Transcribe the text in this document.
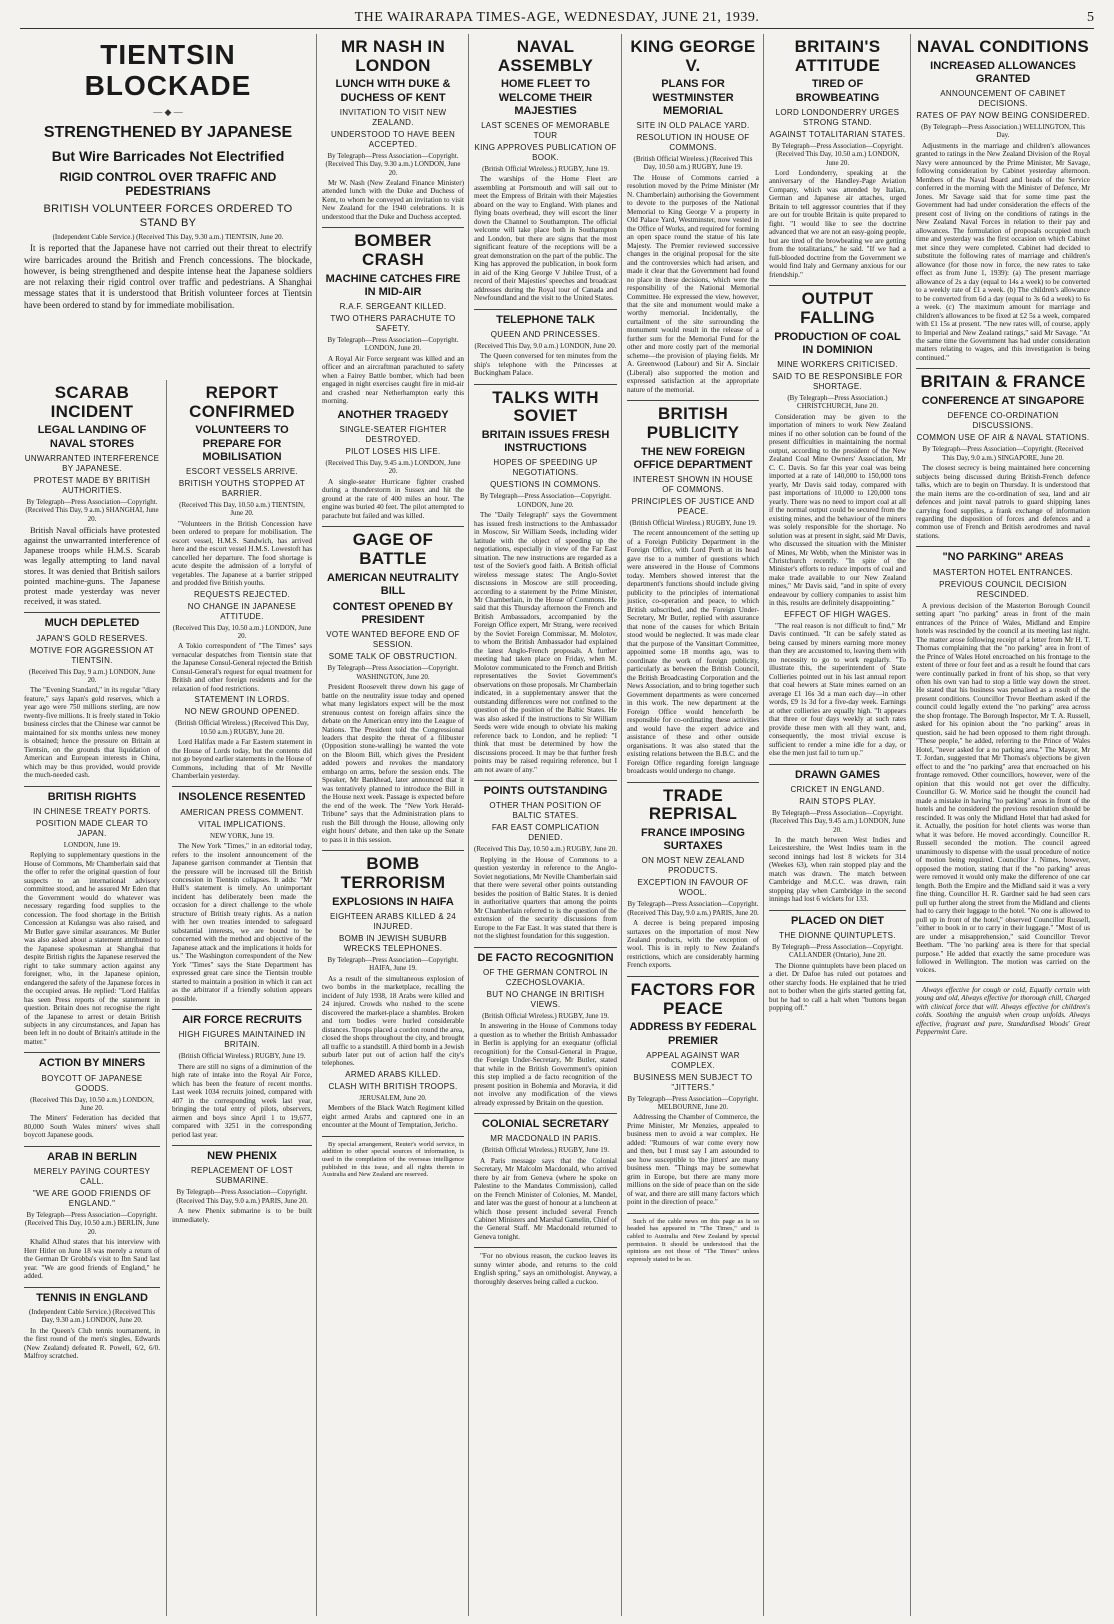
THE WAIRARAPA TIMES-AGE, WEDNESDAY, JUNE 21, 1939.	5
TIENTSIN BLOCKADE
— ◆ —
STRENGTHENED BY JAPANESE
But Wire Barricades Not Electrified
RIGID CONTROL OVER TRAFFIC AND PEDESTRIANS
BRITISH VOLUNTEER FORCES ORDERED TO STAND BY
(Independent Cable Service.) (Received This Day, 9.30 a.m.) TIENTSIN, June 20.

It is reported that the Japanese have not carried out their threat to electrify wire barricades around the British and French concessions. The blockade, however, is being strengthened and despite intense heat the Japanese soldiers are not relaxing their rigid control over traffic and pedestrians. A Shanghai message states that it is understood that British volunteer forces at Tientsin have been ordered to stand by for immediate mobilisation.

SCARAB INCIDENT
LEGAL LANDING OF NAVAL STORES
UNWARRANTED INTERFERENCE BY JAPANESE.
PROTEST MADE BY BRITISH AUTHORITIES.
By Telegraph—Press Association—Copyright. (Received This Day, 9 a.m.) SHANGHAI, June 20.

British Naval officials have protested against the unwarranted interference of Japanese troops while H.M.S. Scarab was legally attempting to land naval stores. It was denied that British sailors pointed machine-guns. The Japanese protest made yesterday was never received, it was stated.

MUCH DEPLETED
JAPAN'S GOLD RESERVES.
MOTIVE FOR AGGRESSION AT TIENTSIN.
(Received This Day, 9 a.m.) LONDON, June 20.

The "Evening Standard," in its regular "diary feature," says Japan's gold reserves, which a year ago were 750 millions sterling, are now twenty-five millions. It is freely stated in Tokio business circles that the Chinese war cannot be maintained for six months unless new money is obtained; hence the pressure on Britain at Tientsin, on the grounds that liquidation of American and European interests in China, which may be thus provided, would provide the much-needed cash.

BRITISH RIGHTS
IN CHINESE TREATY PORTS.
POSITION MADE CLEAR TO JAPAN.
LONDON, June 19.

Replying to supplementary questions in the House of Commons, Mr Chamberlain said that the offer to refer the original question of four suspects to an international advisory committee stood, and he assured Mr Eden that the Government would do whatever was necessary regarding food supplies to the concession. The food shortage in the British Concession at Kulangsu was also raised, and Mr Butler gave similar assurances. Mr Butler was also asked about a statement attributed to the Japanese spokesman at Shanghai that despite British rights the Japanese reserved the right to take summary action against any foreigner, who, in the Japanese opinion, endangered the safety of the Japanese forces in the occupied areas. He replied: "Lord Halifax has seen Press reports of the statement in question. Britain does not recognise the right of the Japanese to arrest or detain British subjects in any circumstances, and Japan has been left in no doubt of Britain's attitude in the matter."

ACTION BY MINERS
BOYCOTT OF JAPANESE GOODS.
(Received This Day, 10.50 a.m.) LONDON, June 20.

The Miners' Federation has decided that 80,000 South Wales miners' wives shall boycott Japanese goods.

ARAB IN BERLIN
MERELY PAYING COURTESY CALL.
"WE ARE GOOD FRIENDS OF ENGLAND."
By Telegraph—Press Association—Copyright. (Received This Day, 10.50 a.m.) BERLIN, June 20.

Khalid Alhud states that his interview with Herr Hitler on June 18 was merely a return of the German Dr Grobba's visit to Ibn Saud last year. "We are good friends of England," he added.

TENNIS IN ENGLAND
(Independent Cable Service.) (Received This Day, 9.30 a.m.) LONDON, June 20.

In the Queen's Club tennis tournament, in the first round of the men's singles, Edwards (New Zealand) defeated R. Powell, 6/2, 6/0. Malfroy scratched.

REPORT CONFIRMED
VOLUNTEERS TO PREPARE FOR MOBILISATION
ESCORT VESSELS ARRIVE.
BRITISH YOUTHS STOPPED AT BARRIER.
(Received This Day, 10.50 a.m.) TIENTSIN, June 20.

"Volunteers in the British Concession have been ordered to prepare for mobilisation. The escort vessel, H.M.S. Sandwich, has arrived here and the escort vessel H.M.S. Lowestoft has cancelled her departure. The food shortage is acute despite the admission of a lorryful of vegetables. The Japanese at a barrier stripped and prodded five British youths.

REQUESTS REJECTED.
NO CHANGE IN JAPANESE ATTITUDE.
(Received This Day, 10.50 a.m.) LONDON, June 20.

A Tokio correspondent of "The Times" says vernacular despatches from Tientsin state that the Japanese Consul-General rejected the British Consul-General's request for equal treatment for British and other foreign residents and for the relaxation of food restrictions.

STATEMENT IN LORDS.
NO NEW GROUND OPENED.
(British Official Wireless.) (Received This Day, 10.50 a.m.) RUGBY, June 20.

Lord Halifax made a Far Eastern statement in the House of Lords today, but the contents did not go beyond earlier statements in the House of Commons, including that of Mr Neville Chamberlain yesterday.

INSOLENCE RESENTED
AMERICAN PRESS COMMENT.
VITAL IMPLICATIONS.
NEW YORK, June 19.

The New York "Times," in an editorial today, refers to the insolent announcement of the Japanese garrison commander at Tientsin that the pressure will be increased till the British concession in Tientsin collapses. It adds: "Mr Hull's statement is timely. An unimportant incident has deliberately been made the occasion for a direct challenge to the whole structure of British treaty rights. As a nation with her own treaties intended to safeguard substantial interests, we are bound to be concerned with the method and objective of the Japanese attack and the implications it holds for us." The Washington correspondent of the New York "Times" says the State Department has expressed great care since the Tientsin trouble started to maintain a position in which it can act as the arbitrator if a friendly solution appears possible.

AIR FORCE RECRUITS
HIGH FIGURES MAINTAINED IN BRITAIN.
(British Official Wireless.) RUGBY, June 19.

There are still no signs of a diminution of the high rate of intake into the Royal Air Force, which has been the feature of recent months. Last week 1034 recruits joined, compared with 407 in the corresponding week last year, bringing the total entry of pilots, observers, airmen and boys since April 1 to 19,677, compared with 3251 in the corresponding period last year.

NEW PHENIX
REPLACEMENT OF LOST SUBMARINE.
By Telegraph—Press Association—Copyright. (Received This Day, 9.0 a.m.) PARIS, June 20.

A new Phenix submarine is to be built immediately.

MR NASH IN LONDON
LUNCH WITH DUKE & DUCHESS OF KENT
INVITATION TO VISIT NEW ZEALAND.
UNDERSTOOD TO HAVE BEEN ACCEPTED.
By Telegraph—Press Association—Copyright. (Received This Day, 9.30 a.m.) LONDON, June 20.

Mr W. Nash (New Zealand Finance Minister) attended lunch with the Duke and Duchess of Kent, to whom he conveyed an invitation to visit New Zealand for the 1940 celebrations. It is understood that the Duke and Duchess accepted.

BOMBER CRASH
MACHINE CATCHES FIRE IN MID-AIR
R.A.F. SERGEANT KILLED.
TWO OTHERS PARACHUTE TO SAFETY.
By Telegraph—Press Association—Copyright. LONDON, June 20.

A Royal Air Force sergeant was killed and an officer and an aircraftman parachuted to safety when a Fairey Battle bomber, which had been engaged in night exercises caught fire in mid-air and crashed near Netherhampton early this morning.

ANOTHER TRAGEDY
SINGLE-SEATER FIGHTER DESTROYED.
PILOT LOSES HIS LIFE.
(Received This Day, 9.45 a.m.) LONDON, June 20.

A single-seater Hurricane fighter crashed during a thunderstorm in Sussex and hit the ground at the rate of 400 miles an hour. The engine was buried 40 feet. The pilot attempted to parachute but failed and was killed.

GAGE OF BATTLE
AMERICAN NEUTRALITY BILL
CONTEST OPENED BY PRESIDENT
VOTE WANTED BEFORE END OF SESSION.
SOME TALK OF OBSTRUCTION.
By Telegraph—Press Association—Copyright. WASHINGTON, June 20.

President Roosevelt threw down his gage of battle on the neutrality issue today and opened what many legislators expect will be the most strenuous contest on foreign affairs since the debate on the American entry into the League of Nations. The President told the Congressional leaders that despite the threat of a filibuster (Opposition stone-walling) he wanted the vote on the Bloom Bill, which gives the President added powers and revokes the mandatory embargo on arms, before the session ends. The Speaker, Mr Bankhead, later announced that it was tentatively planned to introduce the Bill in the House next week. Passage is expected before the end of the week. The "New York Herald-Tribune" says that the Administration plans to rush the Bill through the House, allowing only eight hours' debate, and then take up the Senate to pass it in this session.

BOMB TERRORISM
EXPLOSIONS IN HAIFA
EIGHTEEN ARABS KILLED & 24 INJURED.
BOMB IN JEWISH SUBURB WRECKS TELEPHONES.
By Telegraph—Press Association—Copyright. HAIFA, June 19.

As a result of the simultaneous explosion of two bombs in the marketplace, recalling the incident of July 1938, 18 Arabs were killed and 24 injured. Crowds who rushed to the scene discovered the market-place a shambles. Broken and torn bodies were hurled considerable distances. Troops placed a cordon round the area, closed the shops throughout the city, and brought all traffic to a standstill. A third bomb in a Jewish suburb later put out of action half the city's telephones.

ARMED ARABS KILLED.
CLASH WITH BRITISH TROOPS.
JERUSALEM, June 20.

Members of the Black Watch Regiment killed eight armed Arabs and captured one in an encounter at the Mount of Temptation, Jericho.

By special arrangement, Reuter's world service, in addition to other special sources of information, is used in the compilation of the overseas intelligence published in this issue, and all rights therein in Australia and New Zealand are reserved.

NAVAL ASSEMBLY
HOME FLEET TO WELCOME THEIR MAJESTIES
LAST SCENES OF MEMORABLE TOUR
KING APPROVES PUBLICATION OF BOOK.
(British Official Wireless.) RUGBY, June 19.

The warships of the Home Fleet are assembling at Portsmouth and will sail out to meet the Empress of Britain with their Majesties aboard on the way to England. With planes and flying boats overhead, they will escort the liner down the Channel to Southampton. The official welcome will take place both in Southampton and London, but there are signs that the most significant feature of the receptions will be a great demonstration on the part of the public. The King has approved the publication, in book form in aid of the King George V Jubilee Trust, of a record of their Majesties' speeches and broadcast addresses during the Royal tour of Canada and Newfoundland and the visit to the United States.

TELEPHONE TALK
QUEEN AND PRINCESSES.
(Received This Day, 9.0 a.m.) LONDON, June 20.

The Queen conversed for ten minutes from the ship's telephone with the Princesses at Buckingham Palace.

TALKS WITH SOVIET
BRITAIN ISSUES FRESH INSTRUCTIONS
HOPES OF SPEEDING UP NEGOTIATIONS.
QUESTIONS IN COMMONS.
By Telegraph—Press Association—Copyright. LONDON, June 20.

The "Daily Telegraph" says the Government has issued fresh instructions to the Ambassador in Moscow, Sir William Seeds, including wider latitude with the object of speeding up the negotiations, especially in view of the Far East situation. The new instructions are regarded as a test of the Soviet's good faith. A British official wireless message states: The Anglo-Soviet discussions in Moscow are still proceeding, according to a statement by the Prime Minister, Mr Chamberlain, in the House of Commons. He said that this Thursday afternoon the French and British Ambassadors, accompanied by the Foreign Office expert, Mr Strang, were received by the Soviet Foreign Commissar, M. Molotov, to whom the British Ambassador had explained the latest Anglo-French proposals. A further meeting had taken place on Friday, when M. Molotov communicated to the French and British representatives the Soviet Government's observations on those proposals. Mr Chamberlain indicated, in a supplementary answer that the outstanding differences were not confined to the question of the position of the Baltic States. He was also asked if the instructions to Sir William Seeds were wide enough to obviate his making reference back to London, and he replied: "I think that must be determined by how the discussions proceed. It may be that further fresh points may be raised requiring reference, but I am not aware of any."

POINTS OUTSTANDING
OTHER THAN POSITION OF BALTIC STATES.
FAR EAST COMPLICATION DENIED.
(Received This Day, 10.50 a.m.) RUGBY, June 20.

Replying in the House of Commons to a question yesterday in reference to the Anglo-Soviet negotiations, Mr Neville Chamberlain said that there were several other points outstanding besides the position of Baltic States. It is denied in authoritative quarters that among the points Mr Chamberlain referred to is the question of the extension of the security discussions from Europe to the Far East. It was stated that there is not the slightest foundation for this suggestion.

DE FACTO RECOGNITION
OF THE GERMAN CONTROL IN CZECHOSLOVAKIA.
BUT NO CHANGE IN BRITISH VIEWS.
(British Official Wireless.) RUGBY, June 19.

In answering in the House of Commons today a question as to whether the British Ambassador in Berlin is applying for an exequatur (official recognition) for the Consul-General in Prague, the Foreign Under-Secretary, Mr Butler, stated that while in the British Government's opinion this step implied a de facto recognition of the present position in Bohemia and Moravia, it did not involve any modification of the views already expressed by Britain on the question.

COLONIAL SECRETARY
MR MACDONALD IN PARIS.
(British Official Wireless.) RUGBY, June 19.

A Paris message says that the Colonial Secretary, Mr Malcolm Macdonald, who arrived there by air from Geneva (where he spoke on Palestine to the Mandates Commission), called on the French Minister of Colonies, M. Mandel, and later was the guest of honour at a luncheon at which those present included several French Cabinet Ministers and Marshal Gamelin, Chief of the General Staff. Mr Macdonald returned to Geneva tonight.

"For no obvious reason, the cuckoo leaves its sunny winter abode, and returns to the cold English spring," says an ornithologist. Anyway, a thoroughly deserves being called a cuckoo.

KING GEORGE V.
PLANS FOR WESTMINSTER MEMORIAL
SITE IN OLD PALACE YARD.
RESOLUTION IN HOUSE OF COMMONS.
(British Official Wireless.) (Received This Day, 10.50 a.m.) RUGBY, June 19.

The House of Commons carried a resolution moved by the Prime Minister (Mr N. Chamberlain) authorising the Government to devote to the purposes of the National Memorial to King George V a property in Old Palace Yard, Westminster, now vested in the Office of Works, and required for forming an open space round the statue of his late Majesty. The Premier reviewed successive changes in the original proposal for the site and the controversies which had arisen, and made it clear that the Government had found no place in these decisions, which were the responsibility of the National Memorial Committee. He expressed the view, however, that the site and monument would make a worthy memorial. Incidentally, the curtailment of the site surrounding the monument would result in the release of a further sum for the Memorial Fund for the other and more costly part of the memorial scheme—the provision of playing fields. Mr A. Greenwood (Labour) and Sir A. Sinclair (Liberal) also supported the motion and expressed satisfaction at the appropriate nature of the memorial.

BRITISH PUBLICITY
THE NEW FOREIGN OFFICE DEPARTMENT
INTEREST SHOWN IN HOUSE OF COMMONS.
PRINCIPLES OF JUSTICE AND PEACE.
(British Official Wireless.) RUGBY, June 19.

The recent announcement of the setting up of a Foreign Publicity Department in the Foreign Office, with Lord Perth at its head gave rise to a number of questions which were answered in the House of Commons today. Members showed interest that the department's functions should include giving publicity to the principles of international justice, co-operation and peace, to which British subscribed, and the Foreign Under-Secretary, Mr Butler, replied with assurance that none of the causes for which Britain stood would be neglected. It was made clear that the purpose of the Vansittart Committee, appointed some 18 months ago, was to coordinate the work of foreign publicity, particularly as between the British Council, the British Broadcasting Corporation and the News Association, and to bring together such Government departments as were concerned in this work. The new department at the Foreign Office would henceforth be responsible for co-ordinating these activities and would have the expert advice and assistance of these and other outside organisations. It was also stated that the existing relations between the B.B.C. and the Foreign Office regarding foreign language broadcasts would undergo no change.

TRADE REPRISAL
FRANCE IMPOSING SURTAXES
ON MOST NEW ZEALAND PRODUCTS.
EXCEPTION IN FAVOUR OF WOOL.
By Telegraph—Press Association—Copyright. (Received This Day, 9.0 a.m.) PARIS, June 20.

A decree is being prepared imposing surtaxes on the importation of most New Zealand products, with the exception of wool. This is in reply to New Zealand's restrictions, which are considerably harming French exports.

FACTORS FOR PEACE
ADDRESS BY FEDERAL PREMIER
APPEAL AGAINST WAR COMPLEX.
BUSINESS MEN SUBJECT TO "JITTERS."
By Telegraph—Press Association—Copyright. MELBOURNE, June 20.

Addressing the Chamber of Commerce, the Prime Minister, Mr Menzies, appealed to business men to avoid a war complex. He added: "Rumours of war come every now and then, but I must say I am astounded to see how susceptible to 'the jitters' are many business men. "Things may be somewhat grim in Europe, but there are many more millions on the side of peace than on the side of war, and there are still many factors which point in the direction of peace."

Such of the cable news on this page as is so headed has appeared in "The Times," and is cabled to Australia and New Zealand by special permission. It should be understood that the opinions are not those of "The Times" unless expressly stated to be so.

BRITAIN'S ATTITUDE
TIRED OF BROWBEATING
LORD LONDONDERRY URGES STRONG STAND.
AGAINST TOTALITARIAN STATES.
By Telegraph—Press Association—Copyright. (Received This Day, 10.50 a.m.) LONDON, June 20.

Lord Londonderry, speaking at the anniversary of the Handley-Page Aviation Company, which was attended by Italian, German and Japanese air attaches, urged Britain to tell aggressor countries that if they are out for trouble Britain is quite prepared to fight. "I would like to see the doctrine advanced that we are not an easy-going people, but are tired of the browbeating we are getting from the totalitarians," he said. "If we had a full-blooded doctrine from the Government we would find Italy and Germany anxious for our friendship."

OUTPUT FALLING
PRODUCTION OF COAL IN DOMINION
MINE WORKERS CRITICISED.
SAID TO BE RESPONSIBLE FOR SHORTAGE.
(By Telegraph—Press Association.) CHRISTCHURCH, June 20.

Consideration may be given to the importation of miners to work New Zealand mines if no other solution can be found of the present difficulties in maintaining the normal output, according to the president of the New Zealand Coal Mine Owners' Association, Mr C. C. Davis. So far this year coal was being imported at a rate of 140,000 to 150,000 tons yearly, Mr Davis said today, compared with past importations of 10,000 to 120,000 tons yearly. There was no need to import coal at all if the normal output could be secured from the existing mines, and the behaviour of the miners was solely responsible for the shortage. No solution was at present in sight, said Mr Davis, who discussed the situation with the Minister of Mines, Mr Webb, when the Minister was in Christchurch recently. "In spite of the Minister's efforts to reduce imports of coal and make trade available to our New Zealand mines," Mr Davis said, "and in spite of every endeavour by colliery companies to assist him in this, results are definitely disappointing."

EFFECT OF HIGH WAGES.

"The real reason is not difficult to find," Mr Davis continued. "It can be safely stated as being caused by miners earning more money than they are accustomed to, leaving them with no necessity to go to work regularly. "To illustrate this, the superintendent of State Collieries pointed out in his last annual report that coal hewers at State mines earned on an average £1 16s 3d a man each day—in other words, £9 1s 3d for a five-day week. Earnings at other collieries are equally high. "It appears that three or four days weekly at such rates provide these men with all they want, and, consequently, the most trivial excuse is sufficient to render a mine idle for a day, or else the men just fail to turn up."

DRAWN GAMES
CRICKET IN ENGLAND.
RAIN STOPS PLAY.
By Telegraph—Press Association—Copyright. (Received This Day, 9.45 a.m.) LONDON, June 20.

In the match between West Indies and Leicestershire, the West Indies team in the second innings had lost 8 wickets for 314 (Weekes 63), when rain stopped play and the match was drawn. The match between Cambridge and M.C.C. was drawn, rain stopping play when Cambridge in the second innings had lost 6 wickets for 133.

PLACED ON DIET
THE DIONNE QUINTUPLETS.
By Telegraph—Press Association—Copyright. CALLANDER (Ontario), June 20.

The Dionne quintuplets have been placed on a diet. Dr Dafoe has ruled out potatoes and other starchy foods. He explained that he tried not to bother when the girls started getting fat, but he had to call a halt when "buttons began popping off."

NAVAL CONDITIONS
INCREASED ALLOWANCES GRANTED
ANNOUNCEMENT OF CABINET DECISIONS.
RATES OF PAY NOW BEING CONSIDERED.
(By Telegraph—Press Association.) WELLINGTON, This Day.

Adjustments in the marriage and children's allowances granted to ratings in the New Zealand Division of the Royal Navy were announced by the Prime Minister, Mr Savage, following consideration by Cabinet yesterday afternoon. Members of the Naval Board and heads of the Service conferred in the morning with the Minister of Defence, Mr Jones. Mr Savage said that for some time past the Government had had under consideration the effects of the present cost of living on the conditions of ratings in the New Zealand Naval Forces in relation to their pay and allowances. The formulation of proposals occupied much time and yesterday was the first occasion on which Cabinet met since they were completed. Cabinet had decided to substitute the following rates of marriage and children's allowance (for those now in force, the new rates to take effect as from June 1, 1939): (a) The present marriage allowance of 2s a day (equal to 14s a week) to be converted to a weekly rate of £1 a week. (b) The children's allowance to be converted from 6d a day (equal to 3s 6d a week) to 6s a week. (c) The maximum amount for marriage and children's allowances to be fixed at £2 5s a week, compared with £1 15s at present. "The new rates will, of course, apply to Imperial and New Zealand ratings," said Mr Savage. "At the same time the Government has had under consideration matters relating to wages, and this investigation is being continued."

BRITAIN & FRANCE
CONFERENCE AT SINGAPORE
DEFENCE CO-ORDINATION DISCUSSIONS.
COMMON USE OF AIR & NAVAL STATIONS.
By Telegraph—Press Association—Copyright. (Received This Day, 9.0 a.m.) SINGAPORE, June 20.

The closest secrecy is being maintained here concerning subjects being discussed during British-French defence talks, which are to begin on Thursday. It is understood that the main items are the co-ordination of sea, land and air defences and joint naval patrols to guard shipping lanes carrying food supplies, a frank exchange of information regarding the disposition of forces and defences and a common use of French and British aerodromes and naval stations.

"NO PARKING" AREAS
MASTERTON HOTEL ENTRANCES.
PREVIOUS COUNCIL DECISION RESCINDED.

A previous decision of the Masterton Borough Council setting apart "no parking" areas in front of the main entrances of the Prince of Wales, Midland and Empire hotels was rescinded by the council at its meeting last night. The matter arose following receipt of a letter from Mr H. T. Thomas complaining that the "no parking" area in front of the Prince of Wales Hotel encroached on his frontage to the extent of three or four feet and as a result he found that cars were continually parked in front of his shop, so that very often his own van had to stop a little way down the street. He stated that his business was penalised as a result of the present conditions. Councillor Trevor Beetham asked if the council could legally extend the "no parking" area across the shop frontage. The Borough Inspector, Mr T. A. Russell, asked for his opinion about the "no parking" areas in question, said he had been opposed to them right through. "These people," he added, referring to the Prince of Wales Hotel, "never asked for a no parking area." The Mayor, Mr T. Jordan, suggested that Mr Thomas's objections be given effect to and the "no parking" area that encroached on his frontage removed. Other councillors, however, were of the opinion that this would not get over the difficulty. Councillor G. W. Morice said he thought the council had made a mistake in having "no parking" areas in front of the hotels and he considered the previous resolution should be rescinded. It was only the Midland Hotel that had asked for it. Actually, the position for hotel clients was worse than what it was before. He moved accordingly. Councillor R. Russell seconded the motion. The council agreed unanimously to dispense with the usual procedure of notice of motion being required. Councillor J. Nimes, however, opposed the motion, stating that if the "no parking" areas were removed it would only make the difference of one car length. Both the Empire and the Midland said it was a very fine thing. Councillor H. R. Gardner said he had seen cars pull up further along the street from the Midland and clients had to carry their luggage to the hotel. "No one is allowed to pull up in front of the hotel," observed Councillor Russell, "either to book in or to carry in their luggage." "Most of us are under a misapprehension," said Councillor Trevor Beetham. "The 'no parking' area is there for that special purpose." He added that exactly the same procedure was followed in Wellington. The motion was carried on the voices.

Always effective for cough or cold, Equally certain with young and old, Always effective for thorough chill, Charged with clinical force that will. Always effective for children's colds. Soothing the anguish when croup unfolds. Always effective, fragrant and pure, Standardised Woods' Great Peppermint Cure.
